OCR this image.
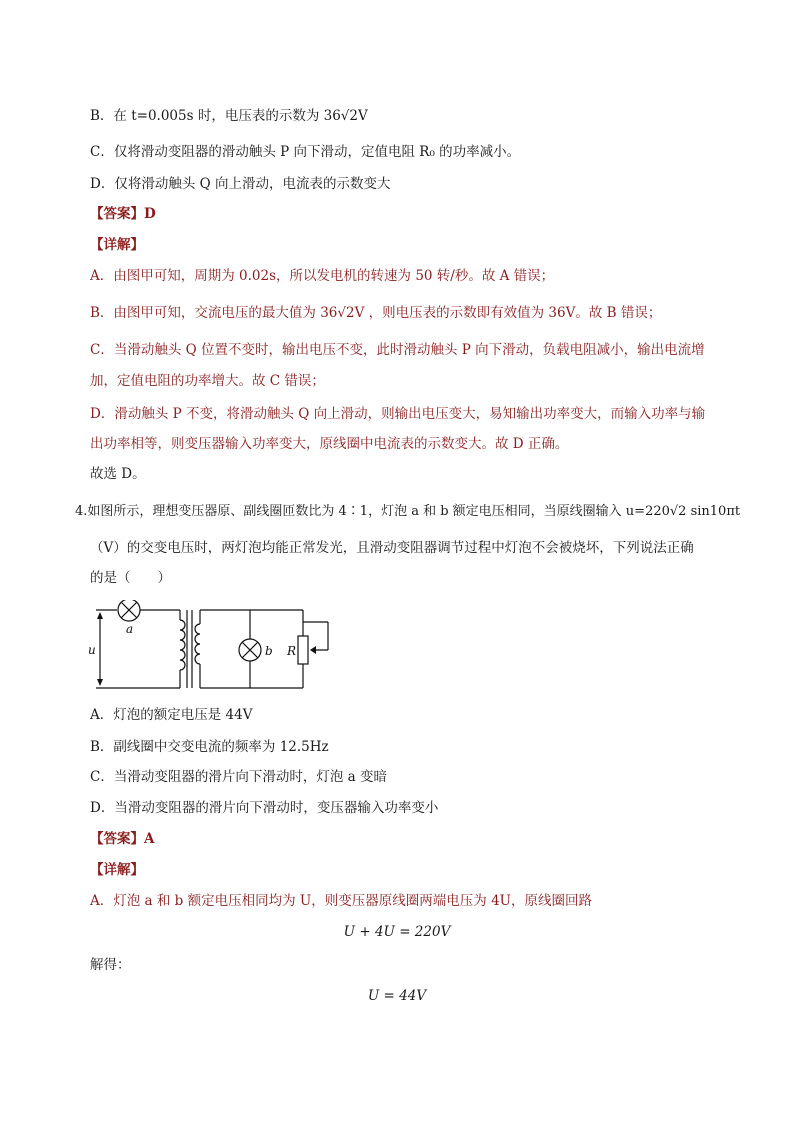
B．在 t=0.005s 时，电压表的示数为 36√2V
C．仅将滑动变阻器的滑动触头 P 向下滑动，定值电阻 R₀ 的功率减小。
D．仅将滑动触头 Q 向上滑动，电流表的示数变大
【答案】D
【详解】
A．由图甲可知，周期为 0.02s，所以发电机的转速为 50 转/秒。故 A 错误；
B．由图甲可知，交流电压的最大值为 36√2V ，则电压表的示数即有效值为 36V。故 B 错误；
C．当滑动触头 Q 位置不变时，输出电压不变，此时滑动触头 P 向下滑动，负载电阻减小，输出电流增
加，定值电阻的功率增大。故 C 错误；
D．滑动触头 P 不变，将滑动触头 Q 向上滑动，则输出电压变大，易知输出功率变大，而输入功率与输
出功率相等，则变压器输入功率变大，原线圈中电流表的示数变大。故 D 正确。
故选 D。
4.如图所示，理想变压器原、副线圈匝数比为 4∶1，灯泡 a 和 b 额定电压相同，当原线圈输入 u=220√2 sin10πt
（V）的交变电压时，两灯泡均能正常发光，且滑动变阻器调节过程中灯泡不会被烧坏，下列说法正确
的是（　　）
a
u	b R
A．灯泡的额定电压是 44V
B．副线圈中交变电流的频率为 12.5Hz
C．当滑动变阻器的滑片向下滑动时，灯泡 a 变暗
D．当滑动变阻器的滑片向下滑动时，变压器输入功率变小
【答案】A
【详解】
A．灯泡 a 和 b 额定电压相同均为 U，则变压器原线圈两端电压为 4U，原线圈回路
U + 4U = 220V
解得：
U = 44V
